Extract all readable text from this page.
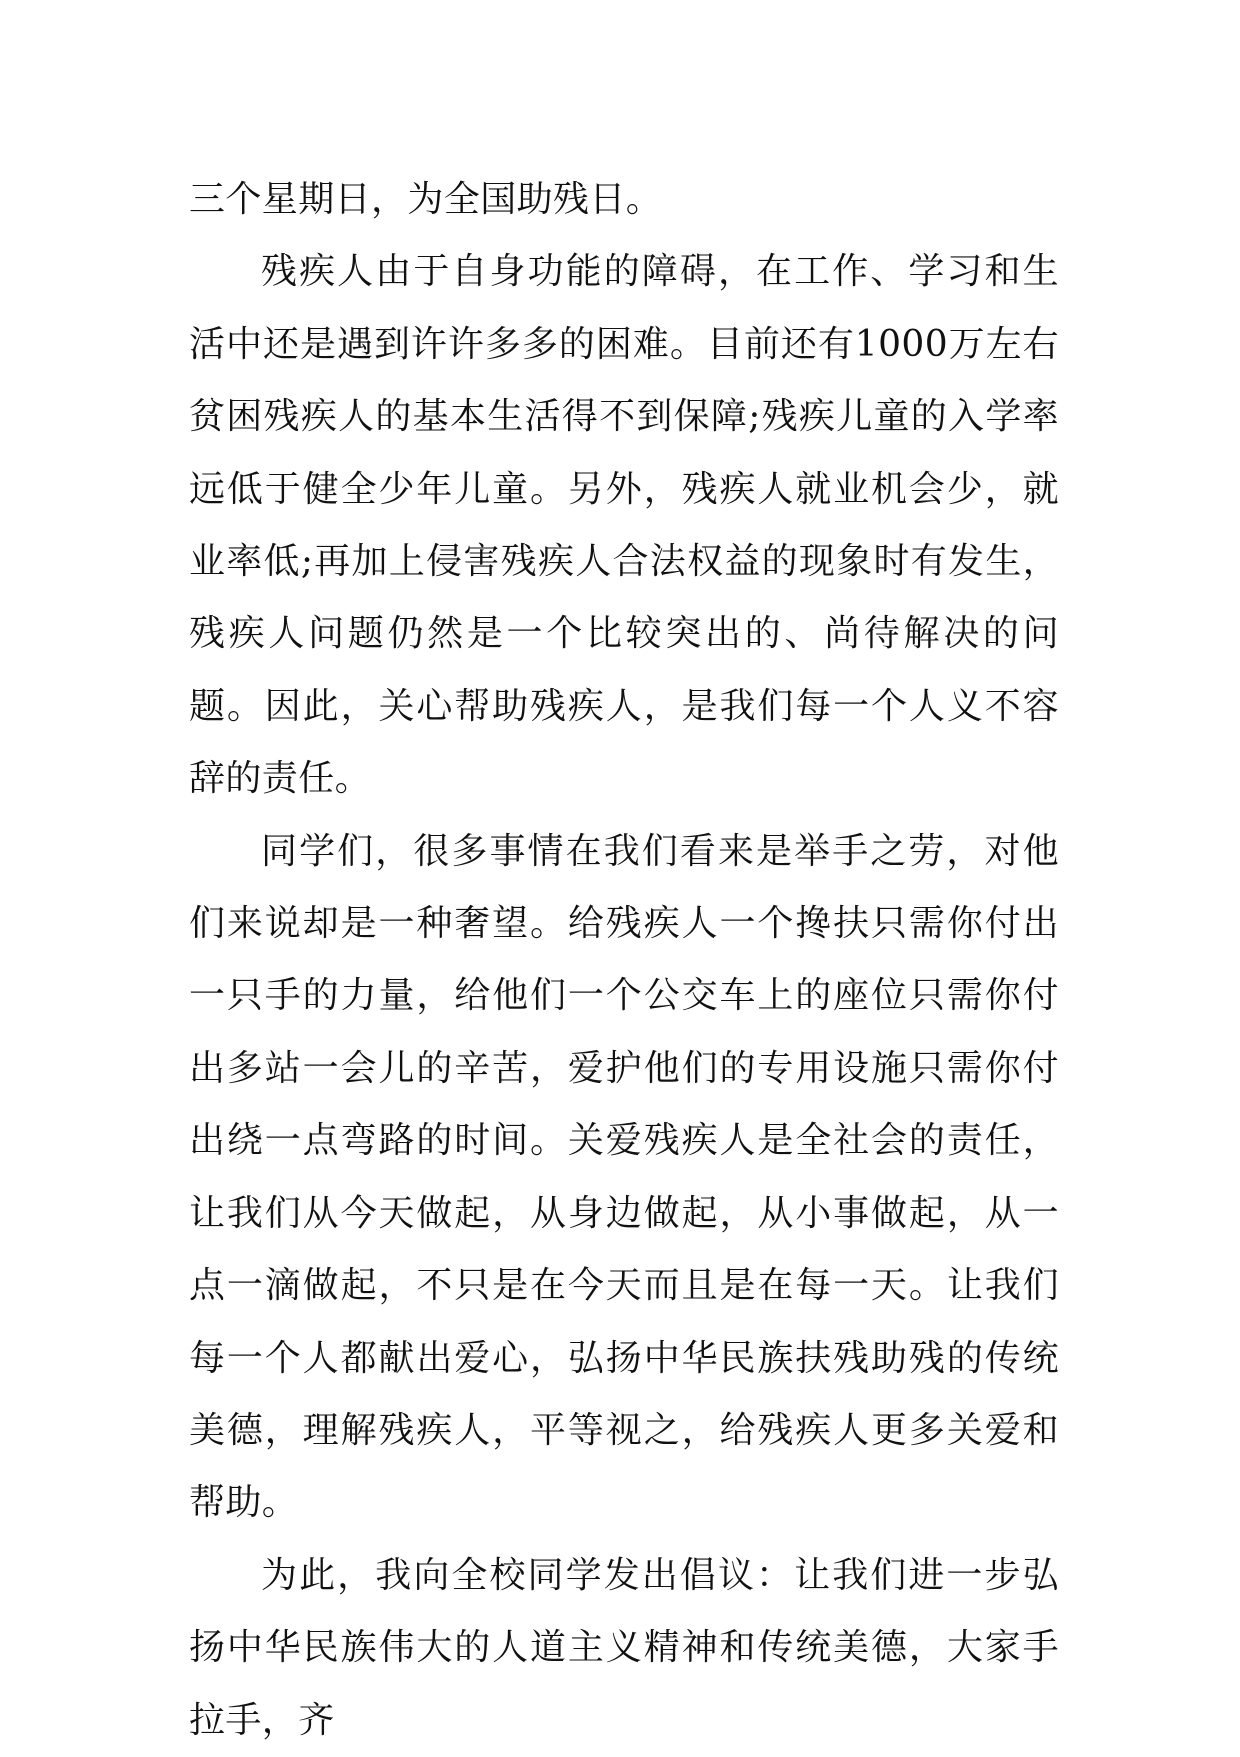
三个星期日，为全国助残日。

残疾人由于自身功能的障碍，在工作、学习和生活中还是遇到许许多多的困难。目前还有1000万左右贫困残疾人的基本生活得不到保障;残疾儿童的入学率远低于健全少年儿童。另外，残疾人就业机会少，就业率低;再加上侵害残疾人合法权益的现象时有发生，残疾人问题仍然是一个比较突出的、尚待解决的问题。因此，关心帮助残疾人，是我们每一个人义不容辞的责任。

同学们，很多事情在我们看来是举手之劳，对他们来说却是一种奢望。给残疾人一个搀扶只需你付出一只手的力量，给他们一个公交车上的座位只需你付出多站一会儿的辛苦，爱护他们的专用设施只需你付出绕一点弯路的时间。关爱残疾人是全社会的责任，让我们从今天做起，从身边做起，从小事做起，从一点一滴做起，不只是在今天而且是在每一天。让我们每一个人都献出爱心，弘扬中华民族扶残助残的传统美德，理解残疾人，平等视之，给残疾人更多关爱和帮助。

为此，我向全校同学发出倡议：让我们进一步弘扬中华民族伟大的人道主义精神和传统美德，大家手拉手，齐
